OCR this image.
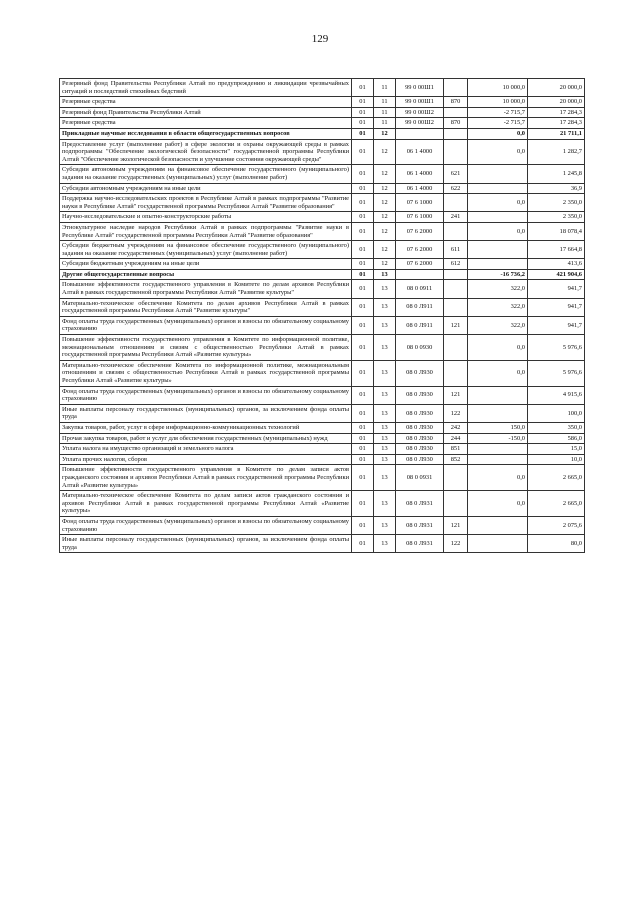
129
Резервный фонд Правительства Республики Алтай по предупреждению и ликвидации чрезвычайных ситуаций и последствий стихийных бедствий	01	11	99 0 00Ш1		10 000,0	20 000,0
Резервные средства	01	11	99 0 00Ш1	870	10 000,0	20 000,0
Резервный фонд Правительства Республики Алтай	01	11	99 0 00Ш2		-2 715,7	17 284,3
Резервные средства	01	11	99 0 00Ш2	870	-2 715,7	17 284,3
Прикладные научные исследования в области общегосударственных вопросов	01	12			0,0	21 711,1
Предоставление услуг (выполнение работ) в сфере экологии и охраны окружающей среды в рамках подпрограммы "Обеспечение экологической безопасности" государственной программы Республики Алтай "Обеспечение экологической безопасности и улучшение состояния окружающей среды"	01	12	06 1 4000		0,0	1 282,7
Субсидии автономным учреждениям на финансовое обеспечение государственного (муниципального) задания на оказание государственных (муниципальных) услуг (выполнение работ)	01	12	06 1 4000	621		1 245,8
Субсидии автономным учреждениям на иные цели	01	12	06 1 4000	622		36,9
Поддержка научно-исследовательских проектов в Республике Алтай в рамках подпрограммы "Развитие науки в Республике Алтай" государственной программы Республики Алтай "Развитие образования"	01	12	07 6 1000		0,0	2 350,0
Научно-исследовательские и опытно-конструкторские работы	01	12	07 6 1000	241		2 350,0
Этнокультурное наследие народов Республики Алтай в рамках подпрограммы "Развитие науки в Республике Алтай" государственной программы Республики Алтай "Развитие образования"	01	12	07 6 2000		0,0	18 078,4
Субсидии бюджетным учреждениям на финансовое обеспечение государственного (муниципального) задания на оказание государственных (муниципальных) услуг (выполнение работ)	01	12	07 6 2000	611		17 664,8
Субсидии бюджетным учреждениям на иные цели	01	12	07 6 2000	612		413,6
Другие общегосударственные вопросы	01	13			-16 736,2	421 904,6
Повышение эффективности государственного управления в Комитете по делам архивов Республики Алтай в рамках государственной программы Республики Алтай "Развитие культуры"	01	13	08 0 0911		322,0	941,7
Материально-техническое обеспечение Комитета по делам архивов Республики Алтай в рамках государственной программы Республики Алтай "Развитие культуры"	01	13	08 0 Л911		322,0	941,7
Фонд оплаты труда государственных (муниципальных) органов и взносы по обязательному социальному страхованию	01	13	08 0 Л911	121	322,0	941,7
Повышение эффективности государственного управления в Комитете по информационной политике, межнациональным отношениям и связям с общественностью Республики Алтай в рамках государственной программы Республики Алтай «Развитие культуры»	01	13	08 0 0930		0,0	5 976,6
Материально-техническое обеспечение Комитета по информационной политике, межнациональным отношениям и связям с общественностью Республики Алтай в рамках государственной программы Республики Алтай «Развитие культуры»	01	13	08 0 Л930		0,0	5 976,6
Фонд оплаты труда государственных (муниципальных) органов и взносы по обязательному социальному страхованию	01	13	08 0 Л930	121		4 915,6
Иные выплаты персоналу государственных (муниципальных) органов, за исключением фонда оплаты труда	01	13	08 0 Л930	122		100,0
Закупка товаров, работ, услуг в сфере информационно-коммуникационных технологий	01	13	08 0 Л930	242	150,0	350,0
Прочая закупка товаров, работ и услуг для обеспечения государственных (муниципальных) нужд	01	13	08 0 Л930	244	-150,0	586,0
Уплата налога на имущество организаций и земельного налога	01	13	08 0 Л930	851		15,0
Уплата прочих налогов, сборов	01	13	08 0 Л930	852		10,0
Повышение эффективности государственного управления в Комитете по делам записи актов гражданского состояния и архивов Республики Алтай в рамках государственной программы Республики Алтай «Развитие культуры»	01	13	08 0 0931		0,0	2 665,0
Материально-техническое обеспечение Комитета по делам записи актов гражданского состояния и архивов Республики Алтай в рамках государственной программы Республики Алтай «Развитие культуры»	01	13	08 0 Л931		0,0	2 665,0
Фонд оплаты труда государственных (муниципальных) органов и взносы по обязательному социальному страхованию	01	13	08 0 Л931	121		2 075,6
Иные выплаты персоналу государственных (муниципальных) органов, за исключением фонда оплаты труда	01	13	08 0 Л931	122		80,0
